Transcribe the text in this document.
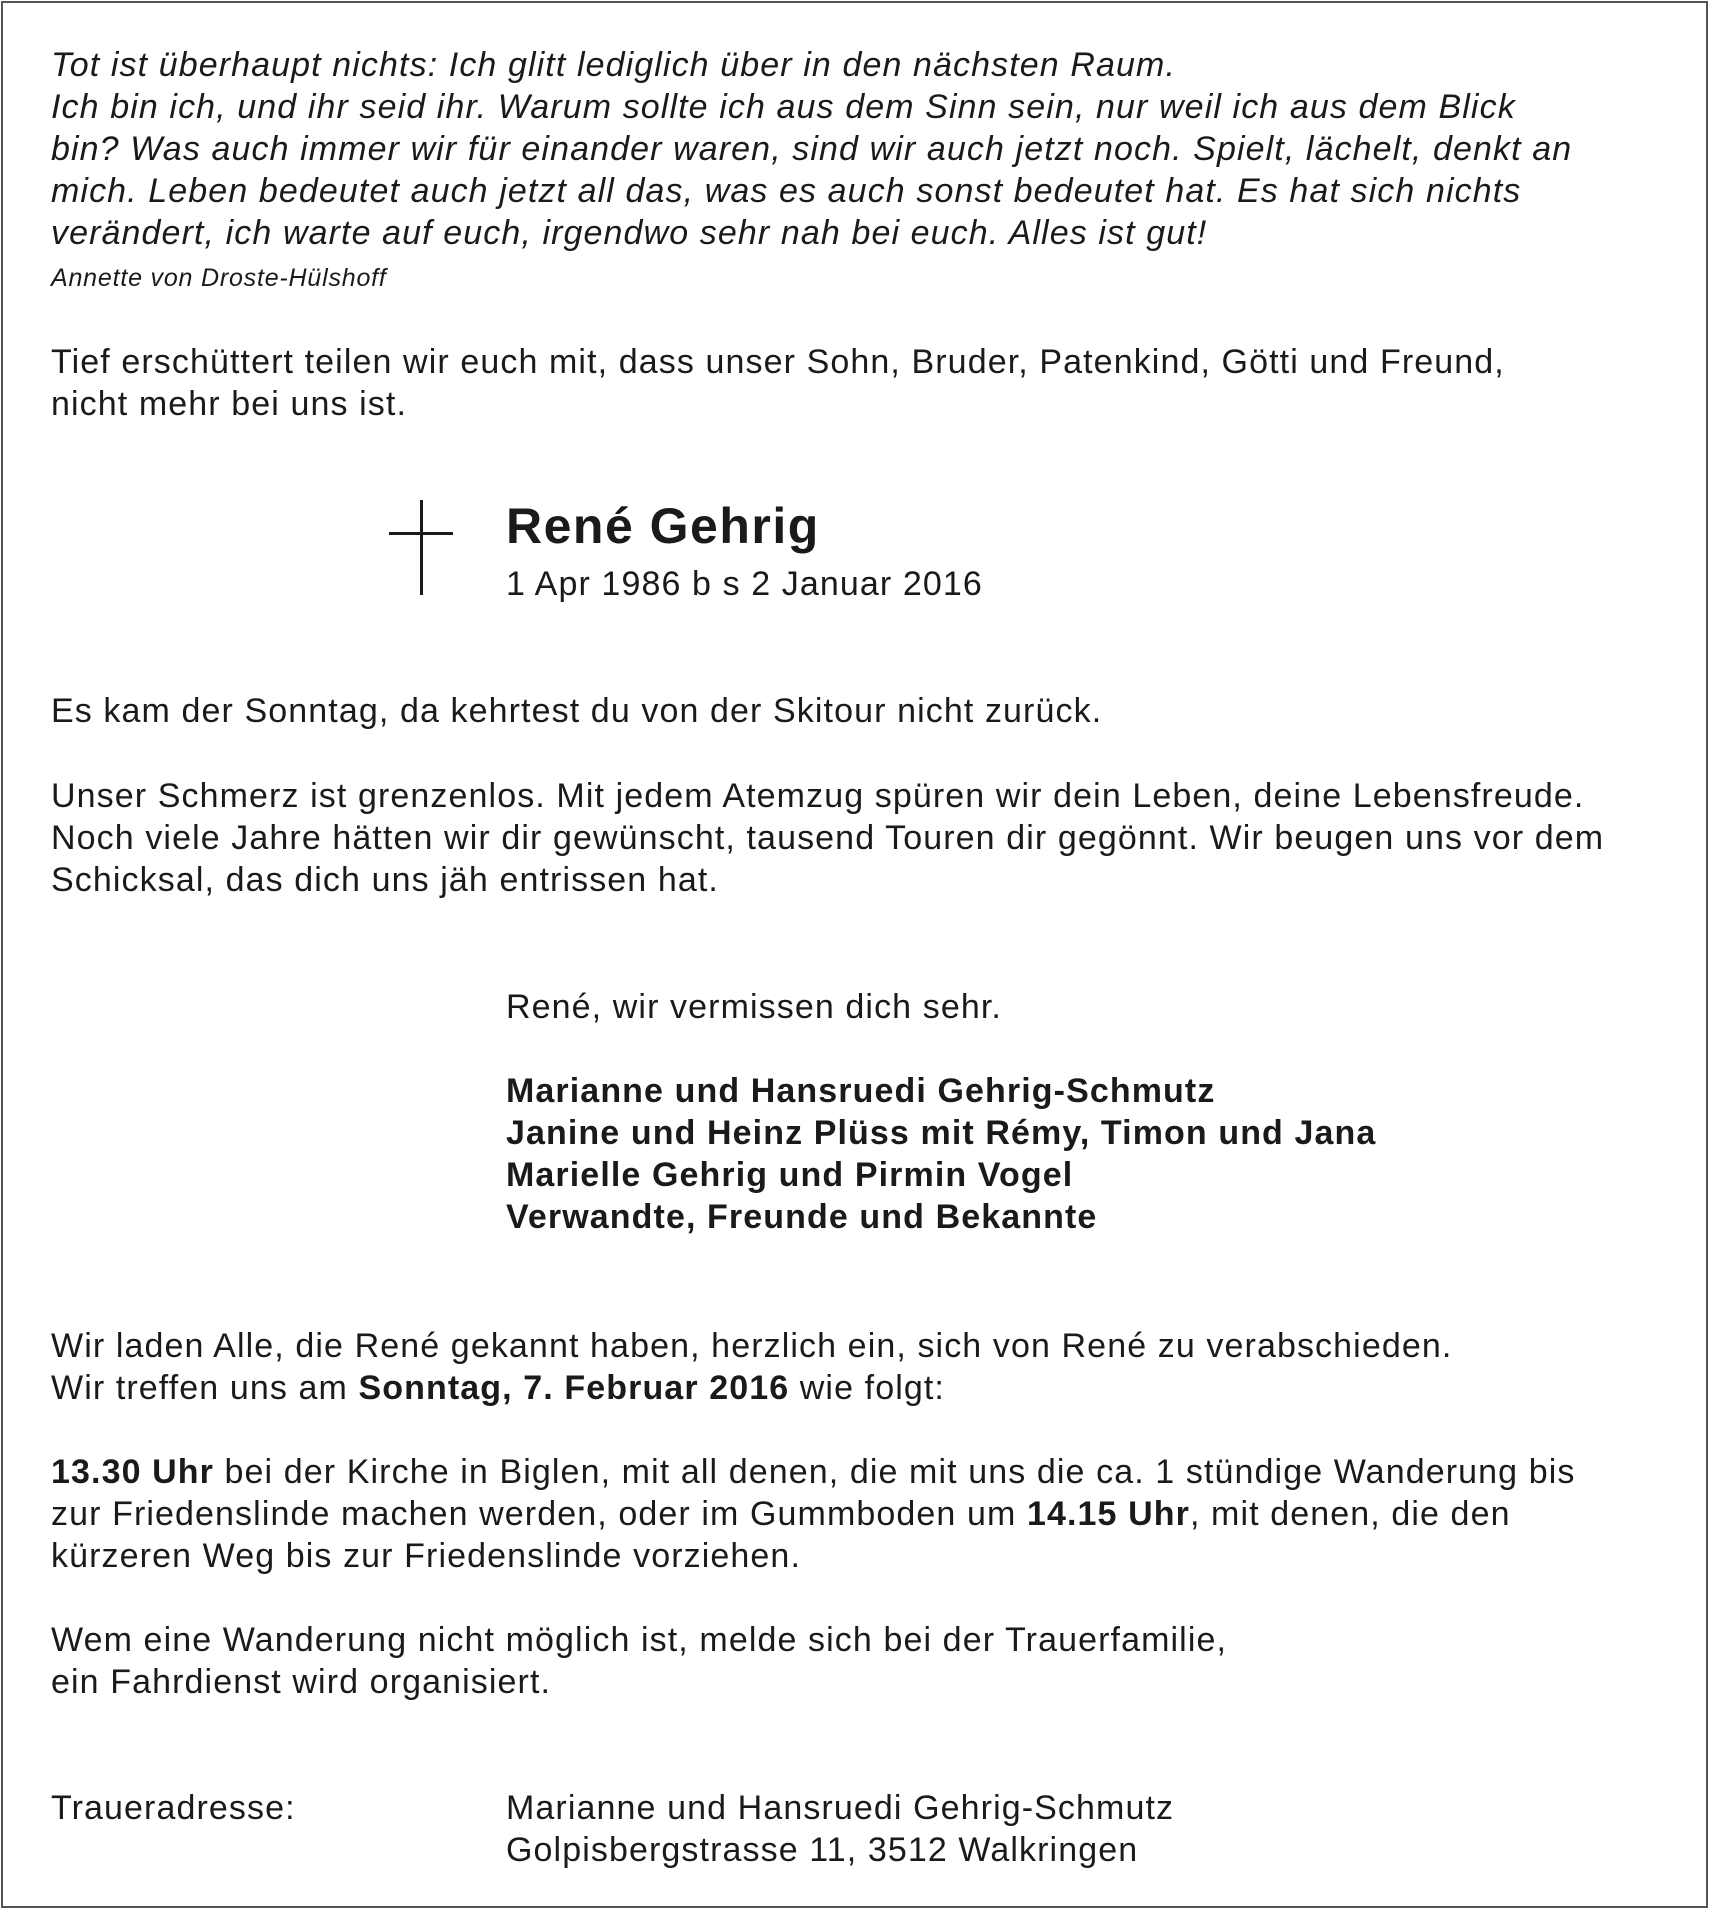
Tot ist überhaupt nichts: Ich glitt lediglich über in den nächsten Raum.
Ich bin ich, und ihr seid ihr. Warum sollte ich aus dem Sinn sein, nur weil ich aus dem Blick
bin? Was auch immer wir für einander waren, sind wir auch jetzt noch. Spielt, lächelt, denkt an
mich. Leben bedeutet auch jetzt all das, was es auch sonst bedeutet hat. Es hat sich nichts
verändert, ich warte auf euch, irgendwo sehr nah bei euch. Alles ist gut!
Annette von Droste-Hülshoff
Tief erschüttert teilen wir euch mit, dass unser Sohn, Bruder, Patenkind, Götti und Freund,
nicht mehr bei uns ist.
René Gehrig
1 Apr 1986 b s 2 Januar 2016
Es kam der Sonntag, da kehrtest du von der Skitour nicht zurück.
Unser Schmerz ist grenzenlos. Mit jedem Atemzug spüren wir dein Leben, deine Lebensfreude.
Noch viele Jahre hätten wir dir gewünscht, tausend Touren dir gegönnt. Wir beugen uns vor dem
Schicksal, das dich uns jäh entrissen hat.
René, wir vermissen dich sehr.
Marianne und Hansruedi Gehrig-Schmutz
Janine und Heinz Plüss mit Rémy, Timon und Jana
Marielle Gehrig und Pirmin Vogel
Verwandte, Freunde und Bekannte
Wir laden Alle, die René gekannt haben, herzlich ein, sich von René zu verabschieden.
Wir treffen uns am Sonntag, 7. Februar 2016 wie folgt:
13.30 Uhr bei der Kirche in Biglen, mit all denen, die mit uns die ca. 1 stündige Wanderung bis
zur Friedenslinde machen werden, oder im Gummboden um 14.15 Uhr, mit denen, die den
kürzeren Weg bis zur Friedenslinde vorziehen.
Wem eine Wanderung nicht möglich ist, melde sich bei der Trauerfamilie,
ein Fahrdienst wird organisiert.
Traueradresse:	Marianne und Hansruedi Gehrig-Schmutz
Golpisbergstrasse 11, 3512 Walkringen
